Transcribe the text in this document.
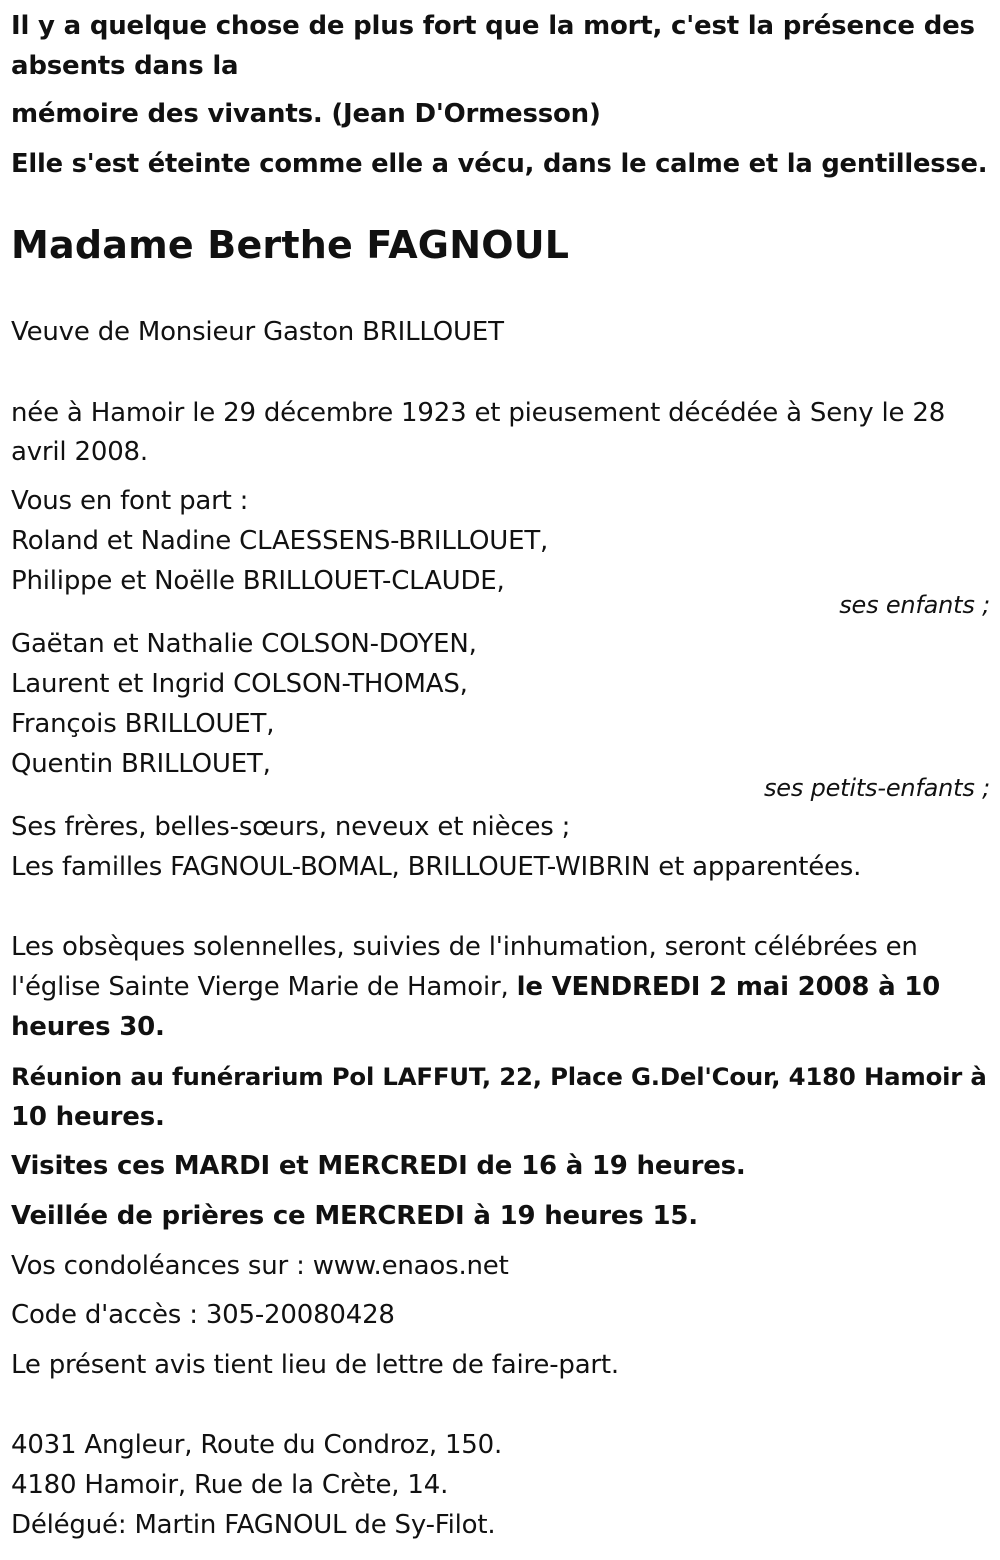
Il y a quelque chose de plus fort que la mort, c'est la présence des
absents dans la
mémoire des vivants. (Jean D'Ormesson)
Elle s'est éteinte comme elle a vécu, dans le calme et la gentillesse.
Madame Berthe FAGNOUL
Veuve de Monsieur Gaston BRILLOUET
née à Hamoir le 29 décembre 1923 et pieusement décédée à Seny le 28
avril 2008.
Vous en font part :
Roland et Nadine CLAESSENS-BRILLOUET,
Philippe et Noëlle BRILLOUET-CLAUDE,
ses enfants ;
Gaëtan et Nathalie COLSON-DOYEN,
Laurent et Ingrid COLSON-THOMAS,
François BRILLOUET,
Quentin BRILLOUET,
ses petits-enfants ;
Ses frères, belles-sœurs, neveux et nièces ;
Les familles FAGNOUL-BOMAL, BRILLOUET-WIBRIN et apparentées.
Les obsèques solennelles, suivies de l'inhumation, seront célébrées en
l'église Sainte Vierge Marie de Hamoir, le VENDREDI 2 mai 2008 à 10
heures 30.
Réunion au funérarium Pol LAFFUT, 22, Place G.Del'Cour, 4180 Hamoir à
10 heures.
Visites ces MARDI et MERCREDI de 16 à 19 heures.
Veillée de prières ce MERCREDI à 19 heures 15.
Vos condoléances sur : www.enaos.net
Code d'accès : 305-20080428
Le présent avis tient lieu de lettre de faire-part.
4031 Angleur, Route du Condroz, 150.
4180 Hamoir, Rue de la Crète, 14.
Délégué: Martin FAGNOUL de Sy-Filot.
